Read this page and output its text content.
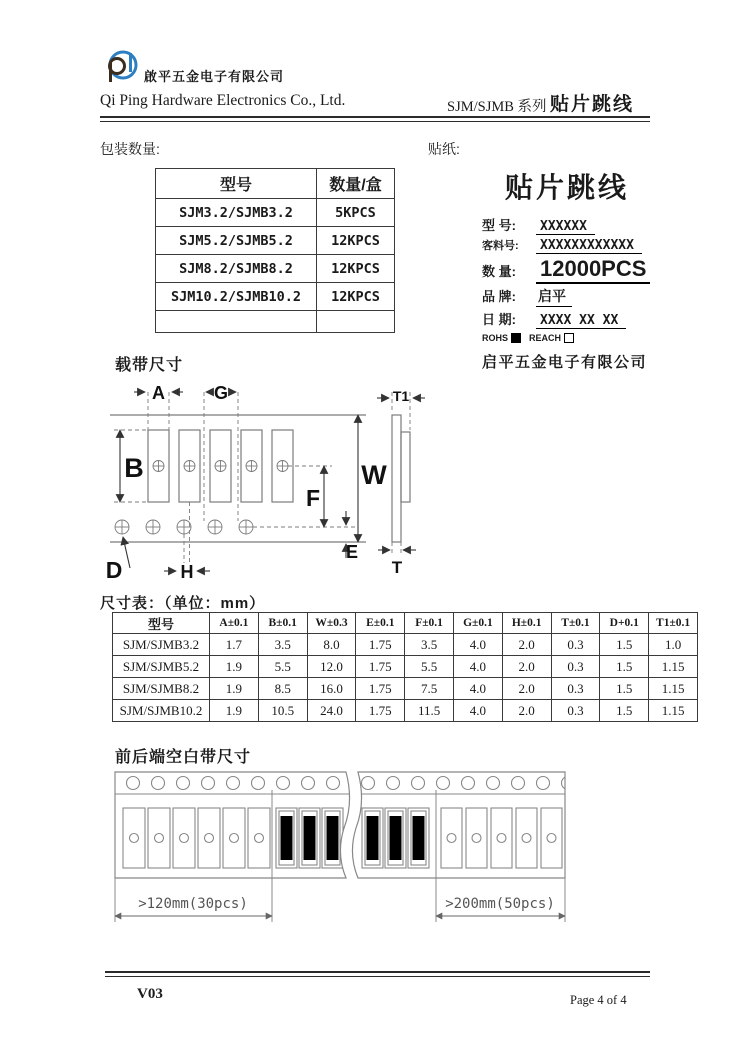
啟平五金电子有限公司
Qi Ping Hardware Electronics Co., Ltd.	SJM/SJMB 系列 贴片跳线
包装数量:
型号	数量/盒
SJM3.2/SJMB3.2	5KPCS
SJM5.2/SJMB5.2	12KPCS
SJM8.2/SJMB8.2	12KPCS
SJM10.2/SJMB10.2	12KPCS

贴纸:
贴片跳线
型 号:	XXXXXX
客料号:	XXXXXXXXXXXX
数 量:	12000PCS
品 牌:	启平
日 期:	XXXX XX XX
ROHS REACH
启平五金电子有限公司
载带尺寸
A	G
B	W
F
E
D	H
T1
T
尺寸表：（单位：mm）
型号	A±0.1	B±0.1	W±0.3	E±0.1	F±0.1	G±0.1	H±0.1	T±0.1	D+0.1	T1±0.1
SJM/SJMB3.2	1.7	3.5	8.0	1.75	3.5	4.0	2.0	0.3	1.5	1.0
SJM/SJMB5.2	1.9	5.5	12.0	1.75	5.5	4.0	2.0	0.3	1.5	1.15
SJM/SJMB8.2	1.9	8.5	16.0	1.75	7.5	4.0	2.0	0.3	1.5	1.15
SJM/SJMB10.2	1.9	10.5	24.0	1.75	11.5	4.0	2.0	0.3	1.5	1.15
前后端空白带尺寸
>120mm(30pcs)	>200mm(50pcs)
V03	Page 4 of 4
